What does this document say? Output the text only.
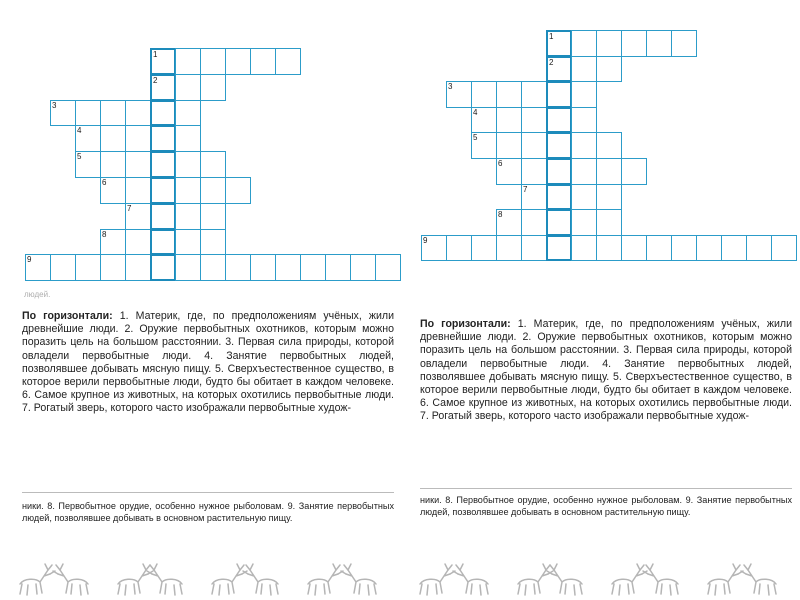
1
2
3
4
5
6
7
8
9
людей.
По горизонтали: 1. Материк, где, по предположениям учёных, жили древнейшие люди. 2. Оружие первобытных охотников, которым можно поразить цель на большом расстоянии. 3. Первая сила природы, которой овладели первобытные люди. 4. Занятие первобытных людей, позволявшее добывать мясную пищу. 5. Сверхъестественное существо, в которое верили первобытные люди, будто бы обитает в каждом человеке. 6. Самое крупное из животных, на которых охотились первобытные люди. 7. Рогатый зверь, которого часто изображали первобытные худож-
ники. 8. Первобытное орудие, особенно нужное рыболовам. 9. Занятие первобытных людей, позволявшее добывать в основном растительную пищу.
1
2
3
4
5
6
7
8
9
По горизонтали: 1. Материк, где, по предположениям учёных, жили древнейшие люди. 2. Оружие первобытных охотников, которым можно поразить цель на большом расстоянии. 3. Первая сила природы, которой овладели первобытные люди. 4. Занятие первобытных людей, позволявшее добывать мясную пищу. 5. Сверхъестественное существо, в которое верили первобытные люди, будто бы обитает в каждом человеке. 6. Самое крупное из животных, на которых охотились первобытные люди. 7. Рогатый зверь, которого часто изображали первобытные худож-
ники. 8. Первобытное орудие, особенно нужное рыболовам. 9. Занятие первобытных людей, позволявшее добывать в основном растительную пищу.
